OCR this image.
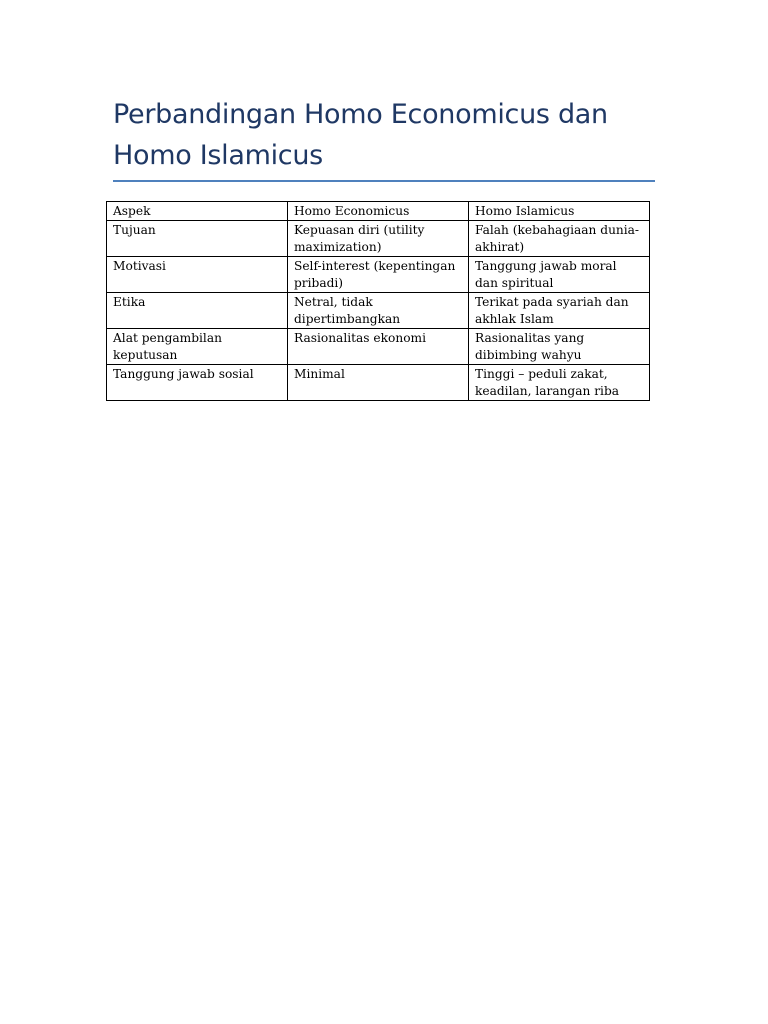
Perbandingan Homo Economicus dan Homo Islamicus
Aspek	Homo Economicus	Homo Islamicus
Tujuan	Kepuasan diri (utility maximization)	Falah (kebahagiaan dunia-akhirat)
Motivasi	Self-interest (kepentingan pribadi)	Tanggung jawab moral dan spiritual
Etika	Netral, tidak dipertimbangkan	Terikat pada syariah dan akhlak Islam
Alat pengambilan keputusan	Rasionalitas ekonomi	Rasionalitas yang dibimbing wahyu
Tanggung jawab sosial	Minimal	Tinggi – peduli zakat, keadilan, larangan riba
